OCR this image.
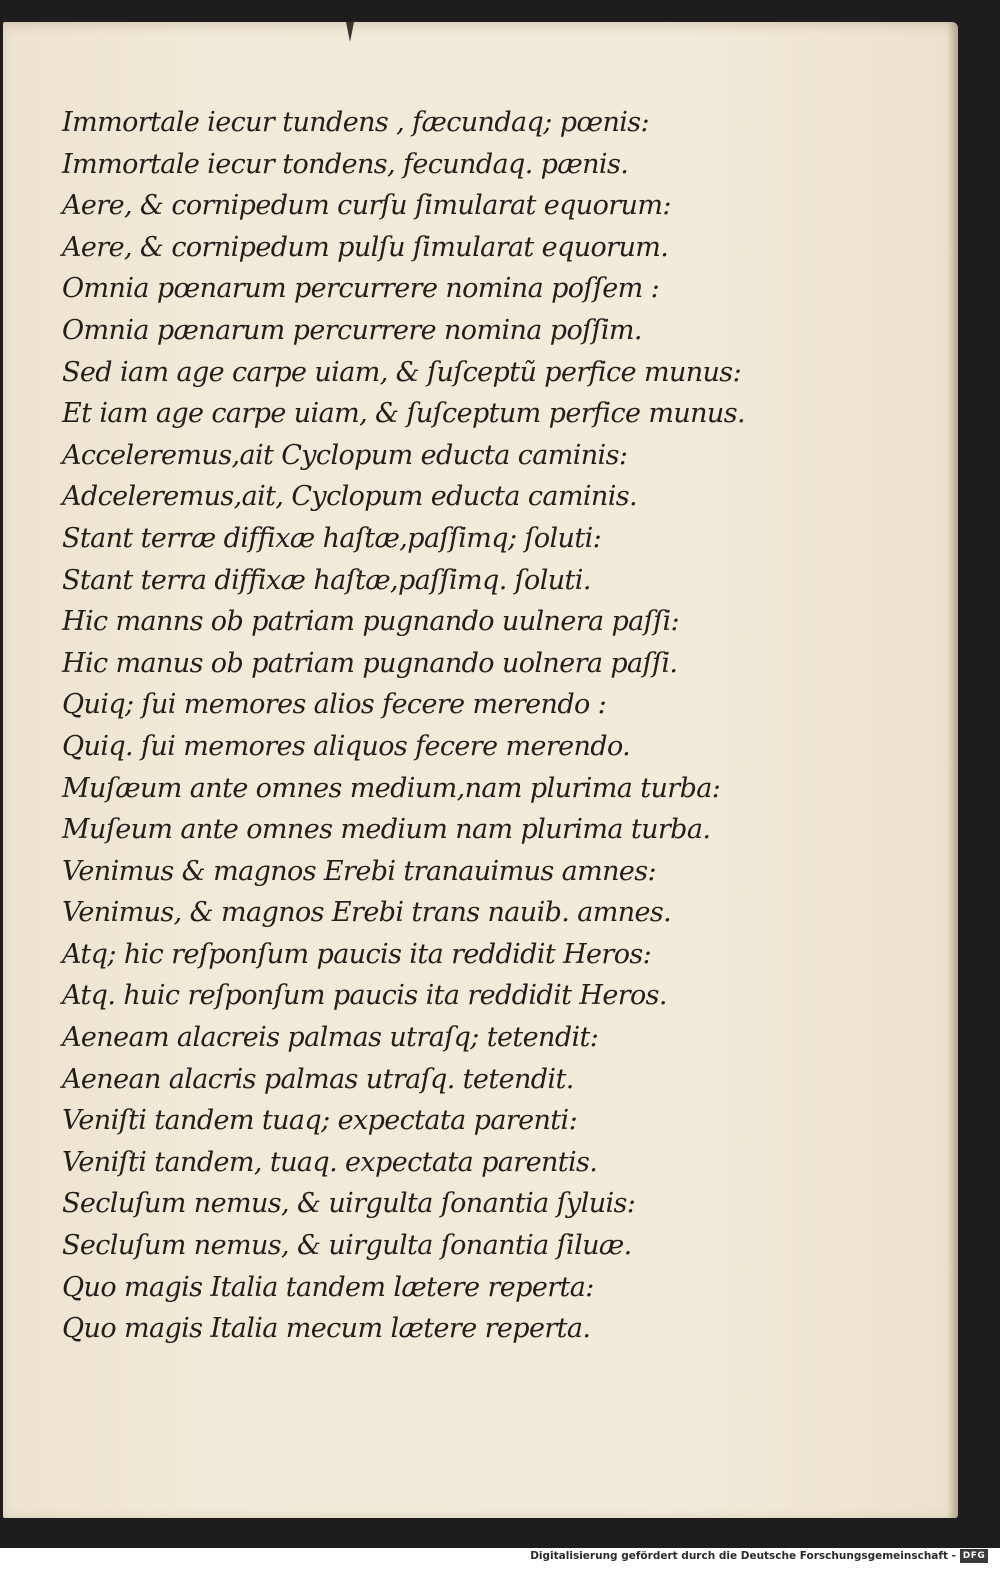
Immortale iecur tundens , fæcundaq; pœnis:
Immortale iecur tondens, fecundaq. pænis.
Aere, & cornipedum curſu ſimularat equorum:
Aere, & cornipedum pulſu ſimularat equorum.
Omnia pœnarum percurrere nomina poſſem :
Omnia pænarum percurrere nomina poſſim.
Sed iam age carpe uiam, & ſuſceptũ perfice munus:
Et iam age carpe uiam, & ſuſceptum perfice munus.
Acceleremus,ait Cyclopum educta caminis:
Adceleremus,ait, Cyclopum educta caminis.
Stant terræ diffixæ haſtæ,paſſimq; ſoluti:
Stant terra diffixæ haſtæ,paſſimq. ſoluti.
Hic manns ob patriam pugnando uulnera paſſi:
Hic manus ob patriam pugnando uolnera paſſi.
Quiq; ſui memores alios fecere merendo :
Quiq. ſui memores aliquos fecere merendo.
Muſæum ante omnes medium,nam plurima turba:
Muſeum ante omnes medium nam plurima turba.
Venimus & magnos Erebi tranauimus amnes:
Venimus, & magnos Erebi trans nauib. amnes.
Atq; hic reſponſum paucis ita reddidit Heros:
Atq. huic reſponſum paucis ita reddidit Heros.
Aeneam alacreis palmas utraſq; tetendit:
Aenean alacris palmas utraſq. tetendit.
Veniſti tandem tuaq; expectata parenti:
Veniſti tandem, tuaq. expectata parentis.
Secluſum nemus, & uirgulta ſonantia ſyluis:
Secluſum nemus, & uirgulta ſonantia ſiluæ.
Quo magis Italia tandem lætere reperta:
Quo magis Italia mecum lætere reperta.
Digitalisierung gefördert durch die Deutsche Forschungsgemeinschaft - DFG
